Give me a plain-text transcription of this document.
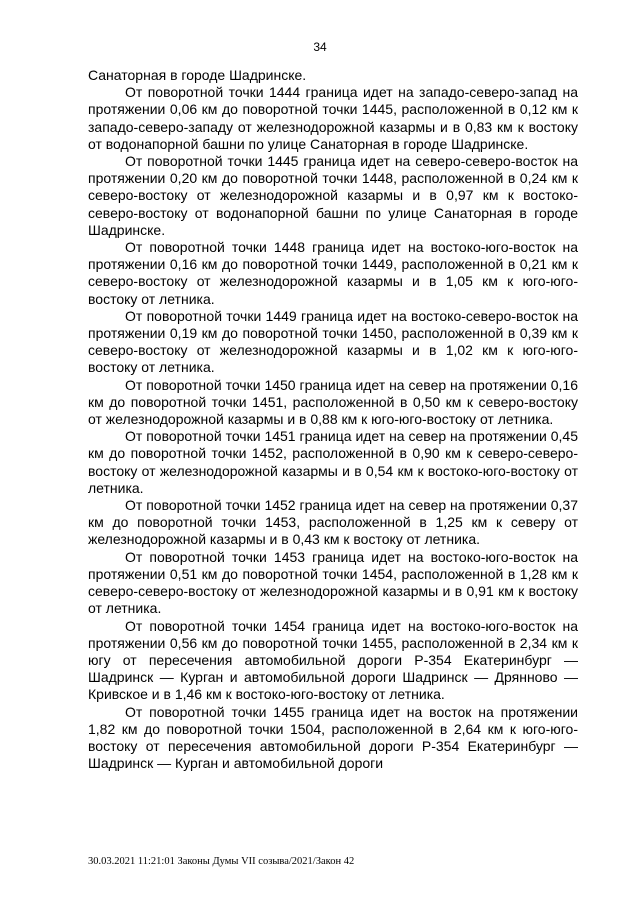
34

Санаторная в городе Шадринске.

От поворотной точки 1444 граница идет на западо-северо-запад на протяжении 0,06 км до поворотной точки 1445, расположенной в 0,12 км к западо-северо-западу от железнодорожной казармы и в 0,83 км к востоку от водонапорной башни по улице Санаторная в городе Шадринске.

От поворотной точки 1445 граница идет на северо-северо-восток на протяжении 0,20 км до поворотной точки 1448, расположенной в 0,24 км к северо-востоку от железнодорожной казармы и в 0,97 км к востоко-северо-востоку от водонапорной башни по улице Санаторная в городе Шадринске.

От поворотной точки 1448 граница идет на востоко-юго-восток на протяжении 0,16 км до поворотной точки 1449, расположенной в 0,21 км к северо-востоку от железнодорожной казармы и в 1,05 км к юго-юго-востоку от летника.

От поворотной точки 1449 граница идет на востоко-северо-восток на протяжении 0,19 км до поворотной точки 1450, расположенной в 0,39 км к северо-востоку от железнодорожной казармы и в 1,02 км к юго-юго-востоку от летника.

От поворотной точки 1450 граница идет на север на протяжении 0,16 км до поворотной точки 1451, расположенной в 0,50 км к северо-востоку от железнодорожной казармы и в 0,88 км к юго-юго-востоку от летника.

От поворотной точки 1451 граница идет на север на протяжении 0,45 км до поворотной точки 1452, расположенной в 0,90 км к северо-северо-востоку от железнодорожной казармы и в 0,54 км к востоко-юго-востоку от летника.

От поворотной точки 1452 граница идет на север на протяжении 0,37 км до поворотной точки 1453, расположенной в 1,25 км к северу от железнодорожной казармы и в 0,43 км к востоку от летника.

От поворотной точки 1453 граница идет на востоко-юго-восток на протяжении 0,51 км до поворотной точки 1454, расположенной в 1,28 км к северо-северо-востоку от железнодорожной казармы и в 0,91 км к востоку от летника.

От поворотной точки 1454 граница идет на востоко-юго-восток на протяжении 0,56 км до поворотной точки 1455, расположенной в 2,34 км к югу от пересечения автомобильной дороги Р-354 Екатеринбург — Шадринск — Курган и автомобильной дороги Шадринск — Дрянново — Кривское и в 1,46 км к востоко-юго-востоку от летника.

От поворотной точки 1455 граница идет на восток на протяжении 1,82 км до поворотной точки 1504, расположенной в 2,64 км к юго-юго-востоку от пересечения автомобильной дороги Р-354 Екатеринбург — Шадринск — Курган и автомобильной дороги

30.03.2021 11:21:01 Законы Думы VII созыва/2021/Закон 42
